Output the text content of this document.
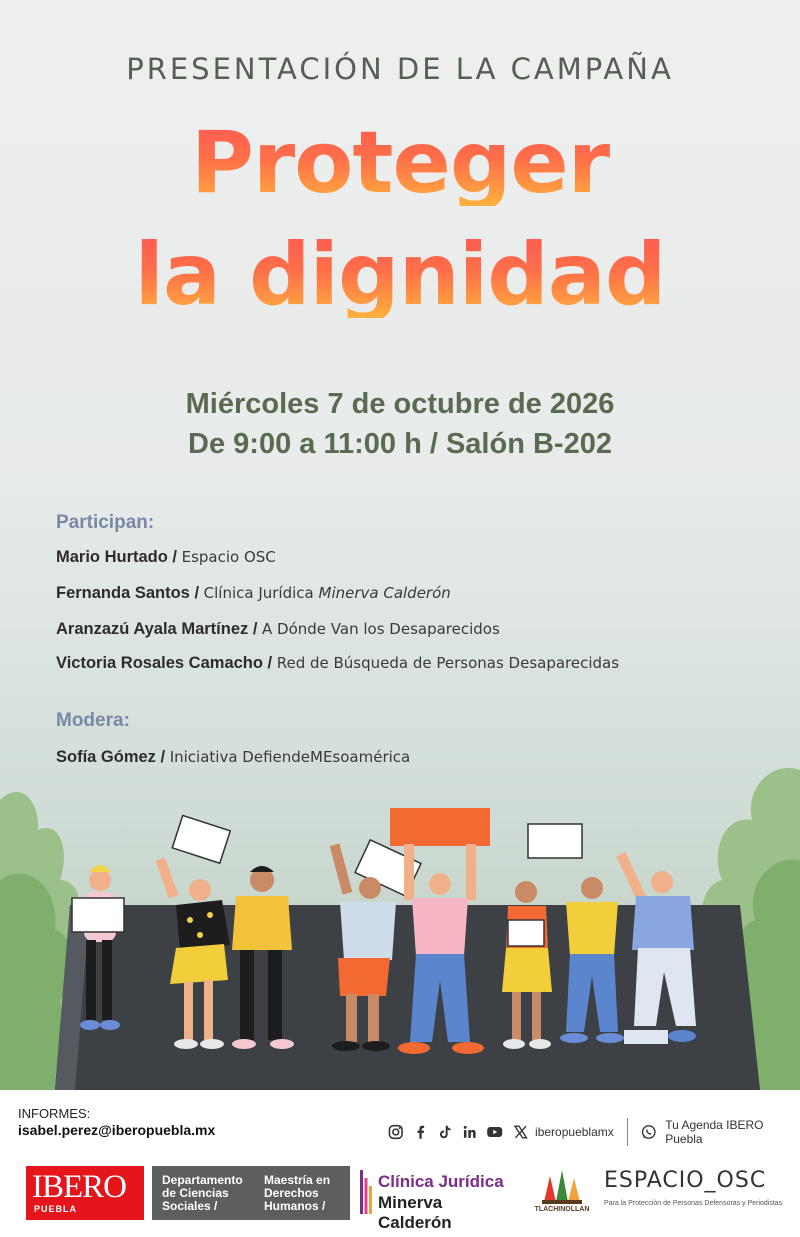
PRESENTACIÓN DE LA CAMPAÑA
Proteger
la dignidad
Miércoles 7 de octubre de 2026
De 9:00 a 11:00 h / Salón B-202
Participan:
Mario Hurtado / Espacio OSC
Fernanda Santos / Clínica Jurídica Minerva Calderón
Aranzazú Ayala Martínez / A Dónde Van los Desaparecidos
Victoria Rosales Camacho / Red de Búsqueda de Personas Desaparecidas
Modera:
Sofía Gómez / Iniciativa DefiendeMEsoamérica
INFORMES:
isabel.perez@iberopuebla.mx	iberopueblamx	Tu Agenda IBERO Puebla
IBERO
PUEBLA
Departamento de Ciencias Sociales /
Maestría en Derechos Humanos /
Clínica Jurídica
Minerva Calderón
TLACHINOLLAN
ESPACIO_OSC
Para la Protección de Personas Defensoras y Periodistas
